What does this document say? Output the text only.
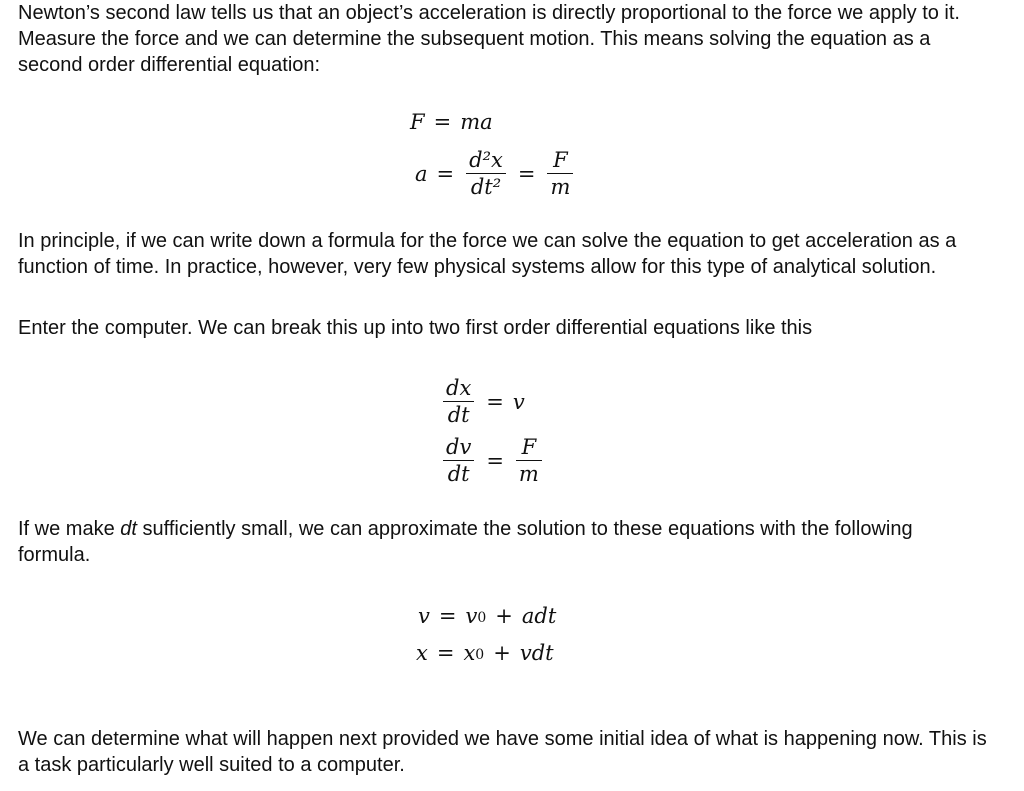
Newton’s second law tells us that an object’s acceleration is directly proportional to the force we apply to it. Measure the force and we can determine the subsequent motion. This means solving the equation as a second order differential equation:

F = ma
$a = \frac{\text{d²x}}{\text{dt²}} = \frac{F}{m}$

In principle, if we can write down a formula for the force we can solve the equation to get acceleration as a function of time. In practice, however, very few physical systems allow for this type of analytical solution.

Enter the computer. We can break this up into two first order differential equations like this

$\frac{dx}{dt} = v$
$\frac{dv}{dt} = \frac{F}{m}$

If we make dt sufficiently small, we can approximate the solution to these equations with the following formula.

$v = v_0$ + adt
$x = x_0$ + vdt

We can determine what will happen next provided we have some initial idea of what is happening now. This is a task particularly well suited to a computer.
